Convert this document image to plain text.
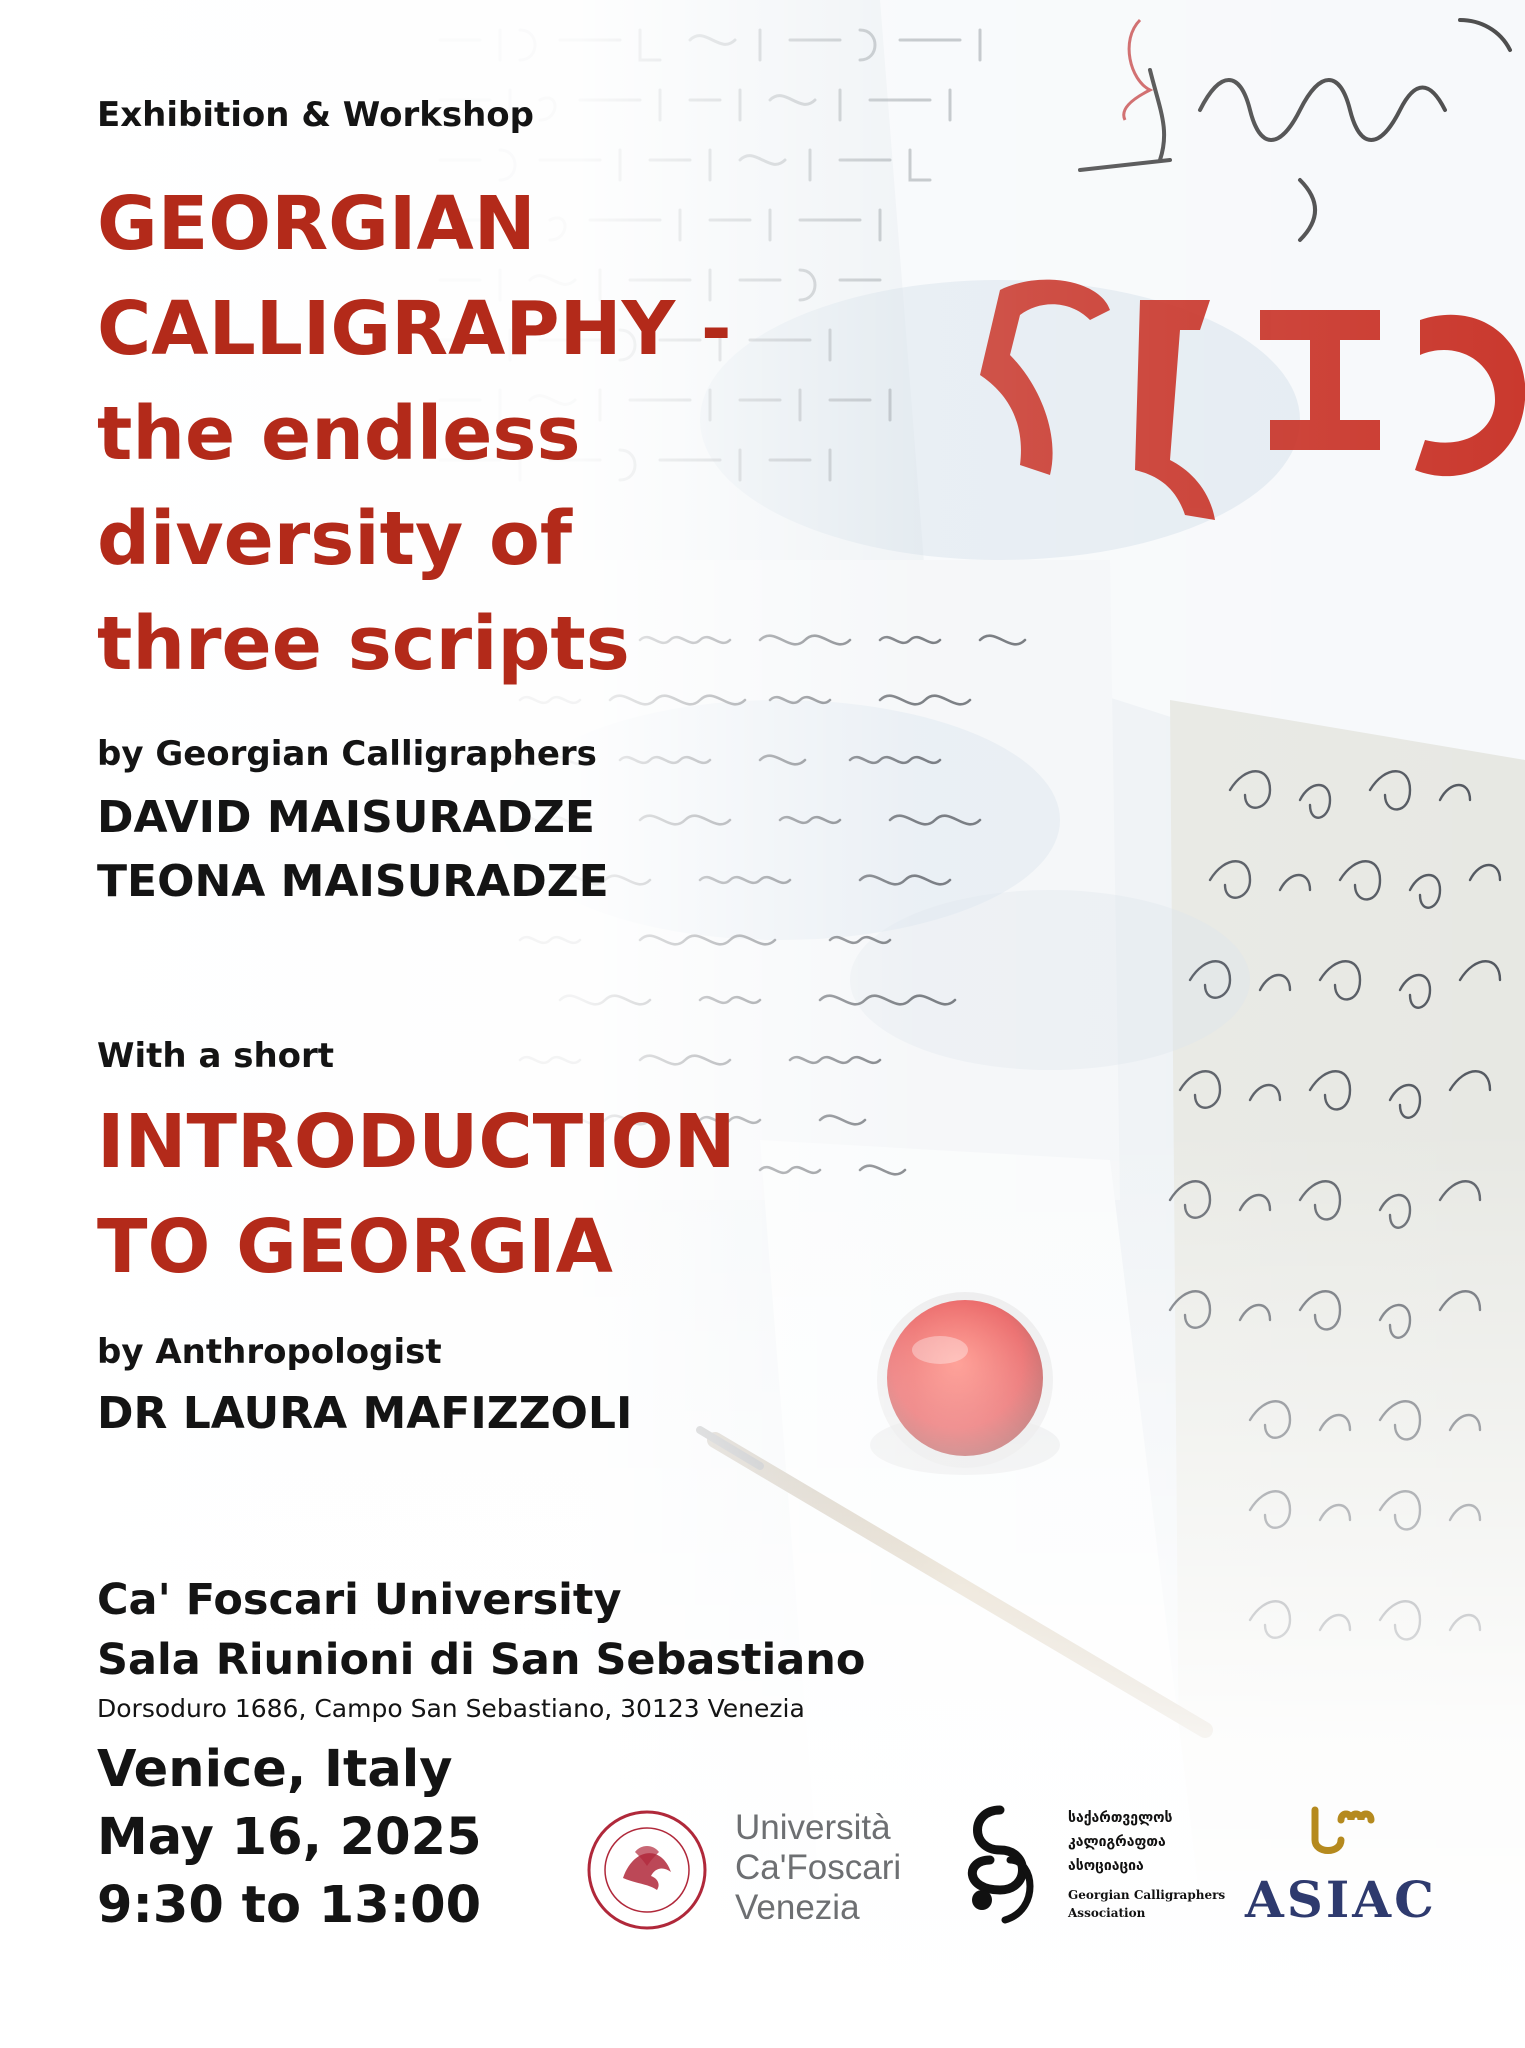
Exhibition & Workshop

GEORGIAN
CALLIGRAPHY -
the endless
diversity of
three scripts

by Georgian Calligraphers

DAVID MAISURADZE
TEONA MAISURADZE

With a short

INTRODUCTION
TO GEORGIA

by Anthropologist

DR LAURA MAFIZZOLI

Ca' Foscari University
Sala Riunioni di San Sebastiano

Dorsoduro 1686, Campo San Sebastiano, 30123 Venezia

Venice, Italy
May 16, 2025
9:30 to 13:00
Università
Ca'Foscari
Venezia
საქართველოს
კალიგრაფთა
ასოციაცია
Georgian Calligraphers
Association	ASIAC
